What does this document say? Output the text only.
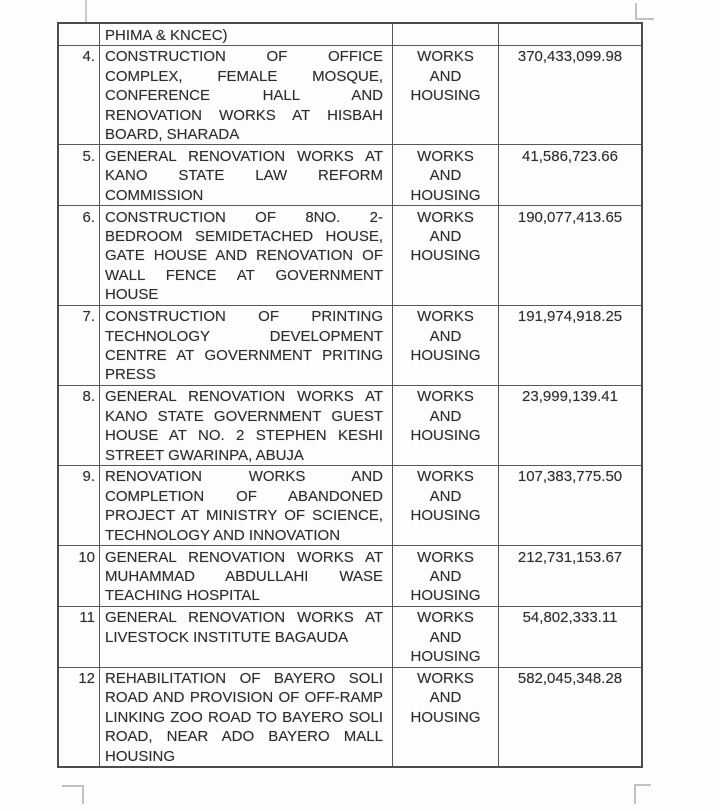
PHIMA & KNCEC)
4. CONSTRUCTION OF OFFICE COMPLEX, FEMALE MOSQUE, CONFERENCE HALL AND RENOVATION WORKS AT HISBAH BOARD, SHARADA
WORKS AND HOUSING
370,433,099.98
5. GENERAL RENOVATION WORKS AT KANO STATE LAW REFORM COMMISSION
WORKS AND HOUSING
41,586,723.66
6. CONSTRUCTION OF 8NO. 2-BEDROOM SEMIDETACHED HOUSE, GATE HOUSE AND RENOVATION OF WALL FENCE AT GOVERNMENT HOUSE
WORKS AND HOUSING
190,077,413.65
7. CONSTRUCTION OF PRINTING TECHNOLOGY DEVELOPMENT CENTRE AT GOVERNMENT PRITING PRESS
WORKS AND HOUSING
191,974,918.25
8. GENERAL RENOVATION WORKS AT KANO STATE GOVERNMENT GUEST HOUSE AT NO. 2 STEPHEN KESHI STREET GWARINPA, ABUJA
WORKS AND HOUSING
23,999,139.41
9. RENOVATION WORKS AND COMPLETION OF ABANDONED PROJECT AT MINISTRY OF SCIENCE, TECHNOLOGY AND INNOVATION
WORKS AND HOUSING
107,383,775.50
10 GENERAL RENOVATION WORKS AT MUHAMMAD ABDULLAHI WASE TEACHING HOSPITAL
WORKS AND HOUSING
212,731,153.67
11 GENERAL RENOVATION WORKS AT LIVESTOCK INSTITUTE BAGAUDA
WORKS AND HOUSING
54,802,333.11
12 REHABILITATION OF BAYERO SOLI ROAD AND PROVISION OF OFF-RAMP LINKING ZOO ROAD TO BAYERO SOLI ROAD, NEAR ADO BAYERO MALL HOUSING
WORKS AND HOUSING
582,045,348.28
